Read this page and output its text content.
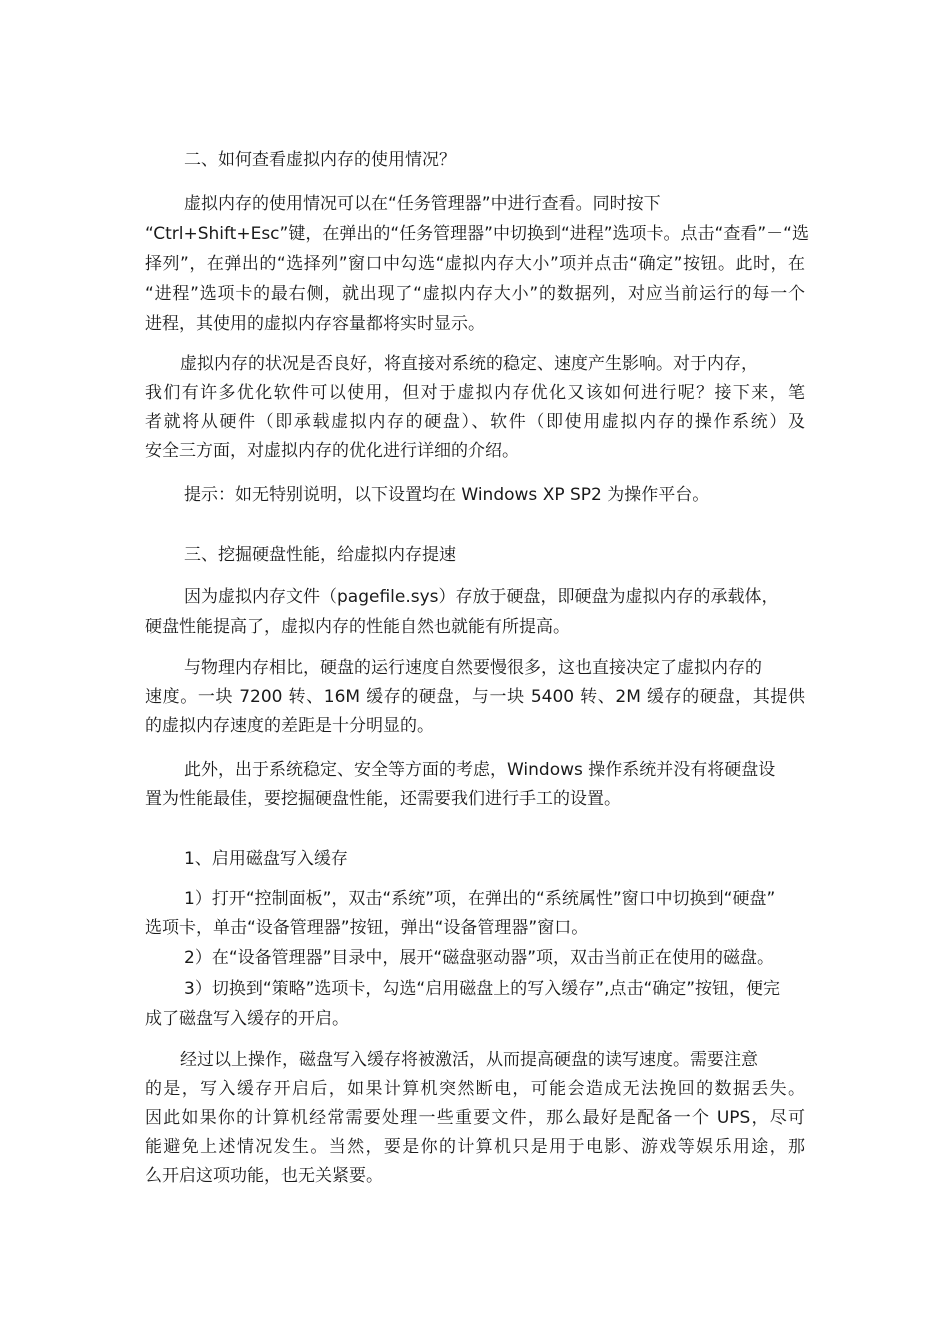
二、如何查看虚拟内存的使用情况？
虚拟内存的使用情况可以在“任务管理器”中进行查看。同时按下
“Ctrl+Shift+Esc”键，在弹出的“任务管理器”中切换到“进程”选项卡。点击“查看”－“选
择列”，在弹出的“选择列”窗口中勾选“虚拟内存大小”项并点击“确定”按钮。此时，在
“进程”选项卡的最右侧，就出现了“虚拟内存大小”的数据列，对应当前运行的每一个
进程，其使用的虚拟内存容量都将实时显示。
虚拟内存的状况是否良好，将直接对系统的稳定、速度产生影响。对于内存，
我们有许多优化软件可以使用，但对于虚拟内存优化又该如何进行呢？接下来，笔
者就将从硬件（即承载虚拟内存的硬盘）、软件（即使用虚拟内存的操作系统）及
安全三方面，对虚拟内存的优化进行详细的介绍。
提示：如无特别说明，以下设置均在 Windows XP SP2 为操作平台。
三、挖掘硬盘性能，给虚拟内存提速
因为虚拟内存文件（pagefile.sys）存放于硬盘，即硬盘为虚拟内存的承载体，
硬盘性能提高了，虚拟内存的性能自然也就能有所提高。
与物理内存相比，硬盘的运行速度自然要慢很多，这也直接决定了虚拟内存的
速度。一块 7200 转、16M 缓存的硬盘，与一块 5400 转、2M 缓存的硬盘，其提供
的虚拟内存速度的差距是十分明显的。
此外，出于系统稳定、安全等方面的考虑，Windows 操作系统并没有将硬盘设
置为性能最佳，要挖掘硬盘性能，还需要我们进行手工的设置。
1、启用磁盘写入缓存
1）打开“控制面板”，双击“系统”项，在弹出的“系统属性”窗口中切换到“硬盘”
选项卡，单击“设备管理器”按钮，弹出“设备管理器”窗口。
2）在“设备管理器”目录中，展开“磁盘驱动器”项，双击当前正在使用的磁盘。
3）切换到“策略”选项卡，勾选“启用磁盘上的写入缓存”,点击“确定”按钮，便完
成了磁盘写入缓存的开启。
经过以上操作，磁盘写入缓存将被激活，从而提高硬盘的读写速度。需要注意
的是，写入缓存开启后，如果计算机突然断电，可能会造成无法挽回的数据丢失。
因此如果你的计算机经常需要处理一些重要文件，那么最好是配备一个 UPS，尽可
能避免上述情况发生。当然，要是你的计算机只是用于电影、游戏等娱乐用途，那
么开启这项功能，也无关紧要。
